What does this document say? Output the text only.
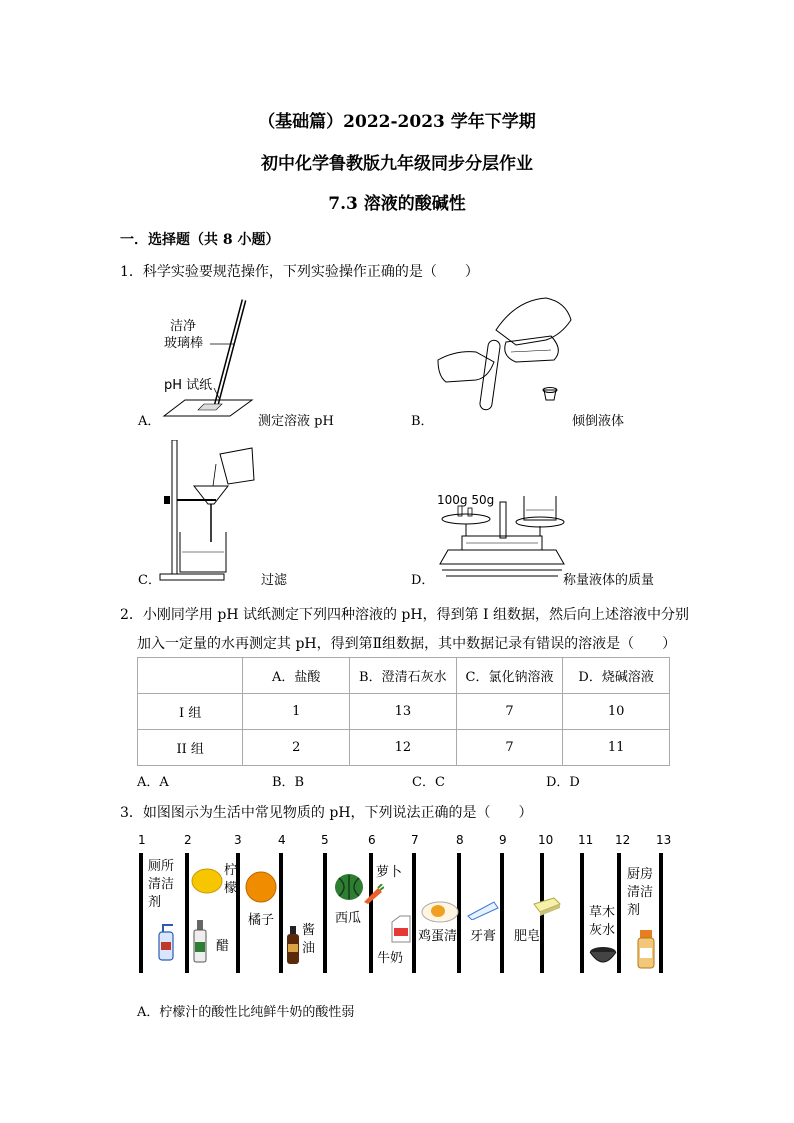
（基础篇）2022-2023 学年下学期
初中化学鲁教版九年级同步分层作业
7.3 溶液的酸碱性
一．选择题（共 8 小题）
1．科学实验要规范操作，下列实验操作正确的是（　　）
A．
洁净
玻璃棒
pH 试纸
测定溶液 pH	B．	倾倒液体
C．	过滤	D．
100g 50g
称量液体的质量
2．小刚同学用 pH 试纸测定下列四种溶液的 pH，得到第 I 组数据，然后向上述溶液中分别
加入一定量的水再测定其 pH，得到第Ⅱ组数据，其中数据记录有错误的溶液是（　　）
	A．盐酸	B．澄清石灰水	C．氯化钠溶液	D．烧碱溶液
I 组	1	13	7	10
II 组	2	12	7	11
A．A	B．B	C．C	D．D
3．如图图示为生活中常见物质的 pH，下列说法正确的是（　　）
1	2	3	4	5	6	7	8	9	10 11 12 13
厕所清洁剂
柠檬
醋
橘子
酱油
西瓜
萝卜
牛奶
鸡蛋清 牙膏 肥皂
草木灰水
厨房清洁剂
A．柠檬汁的酸性比纯鲜牛奶的酸性弱
